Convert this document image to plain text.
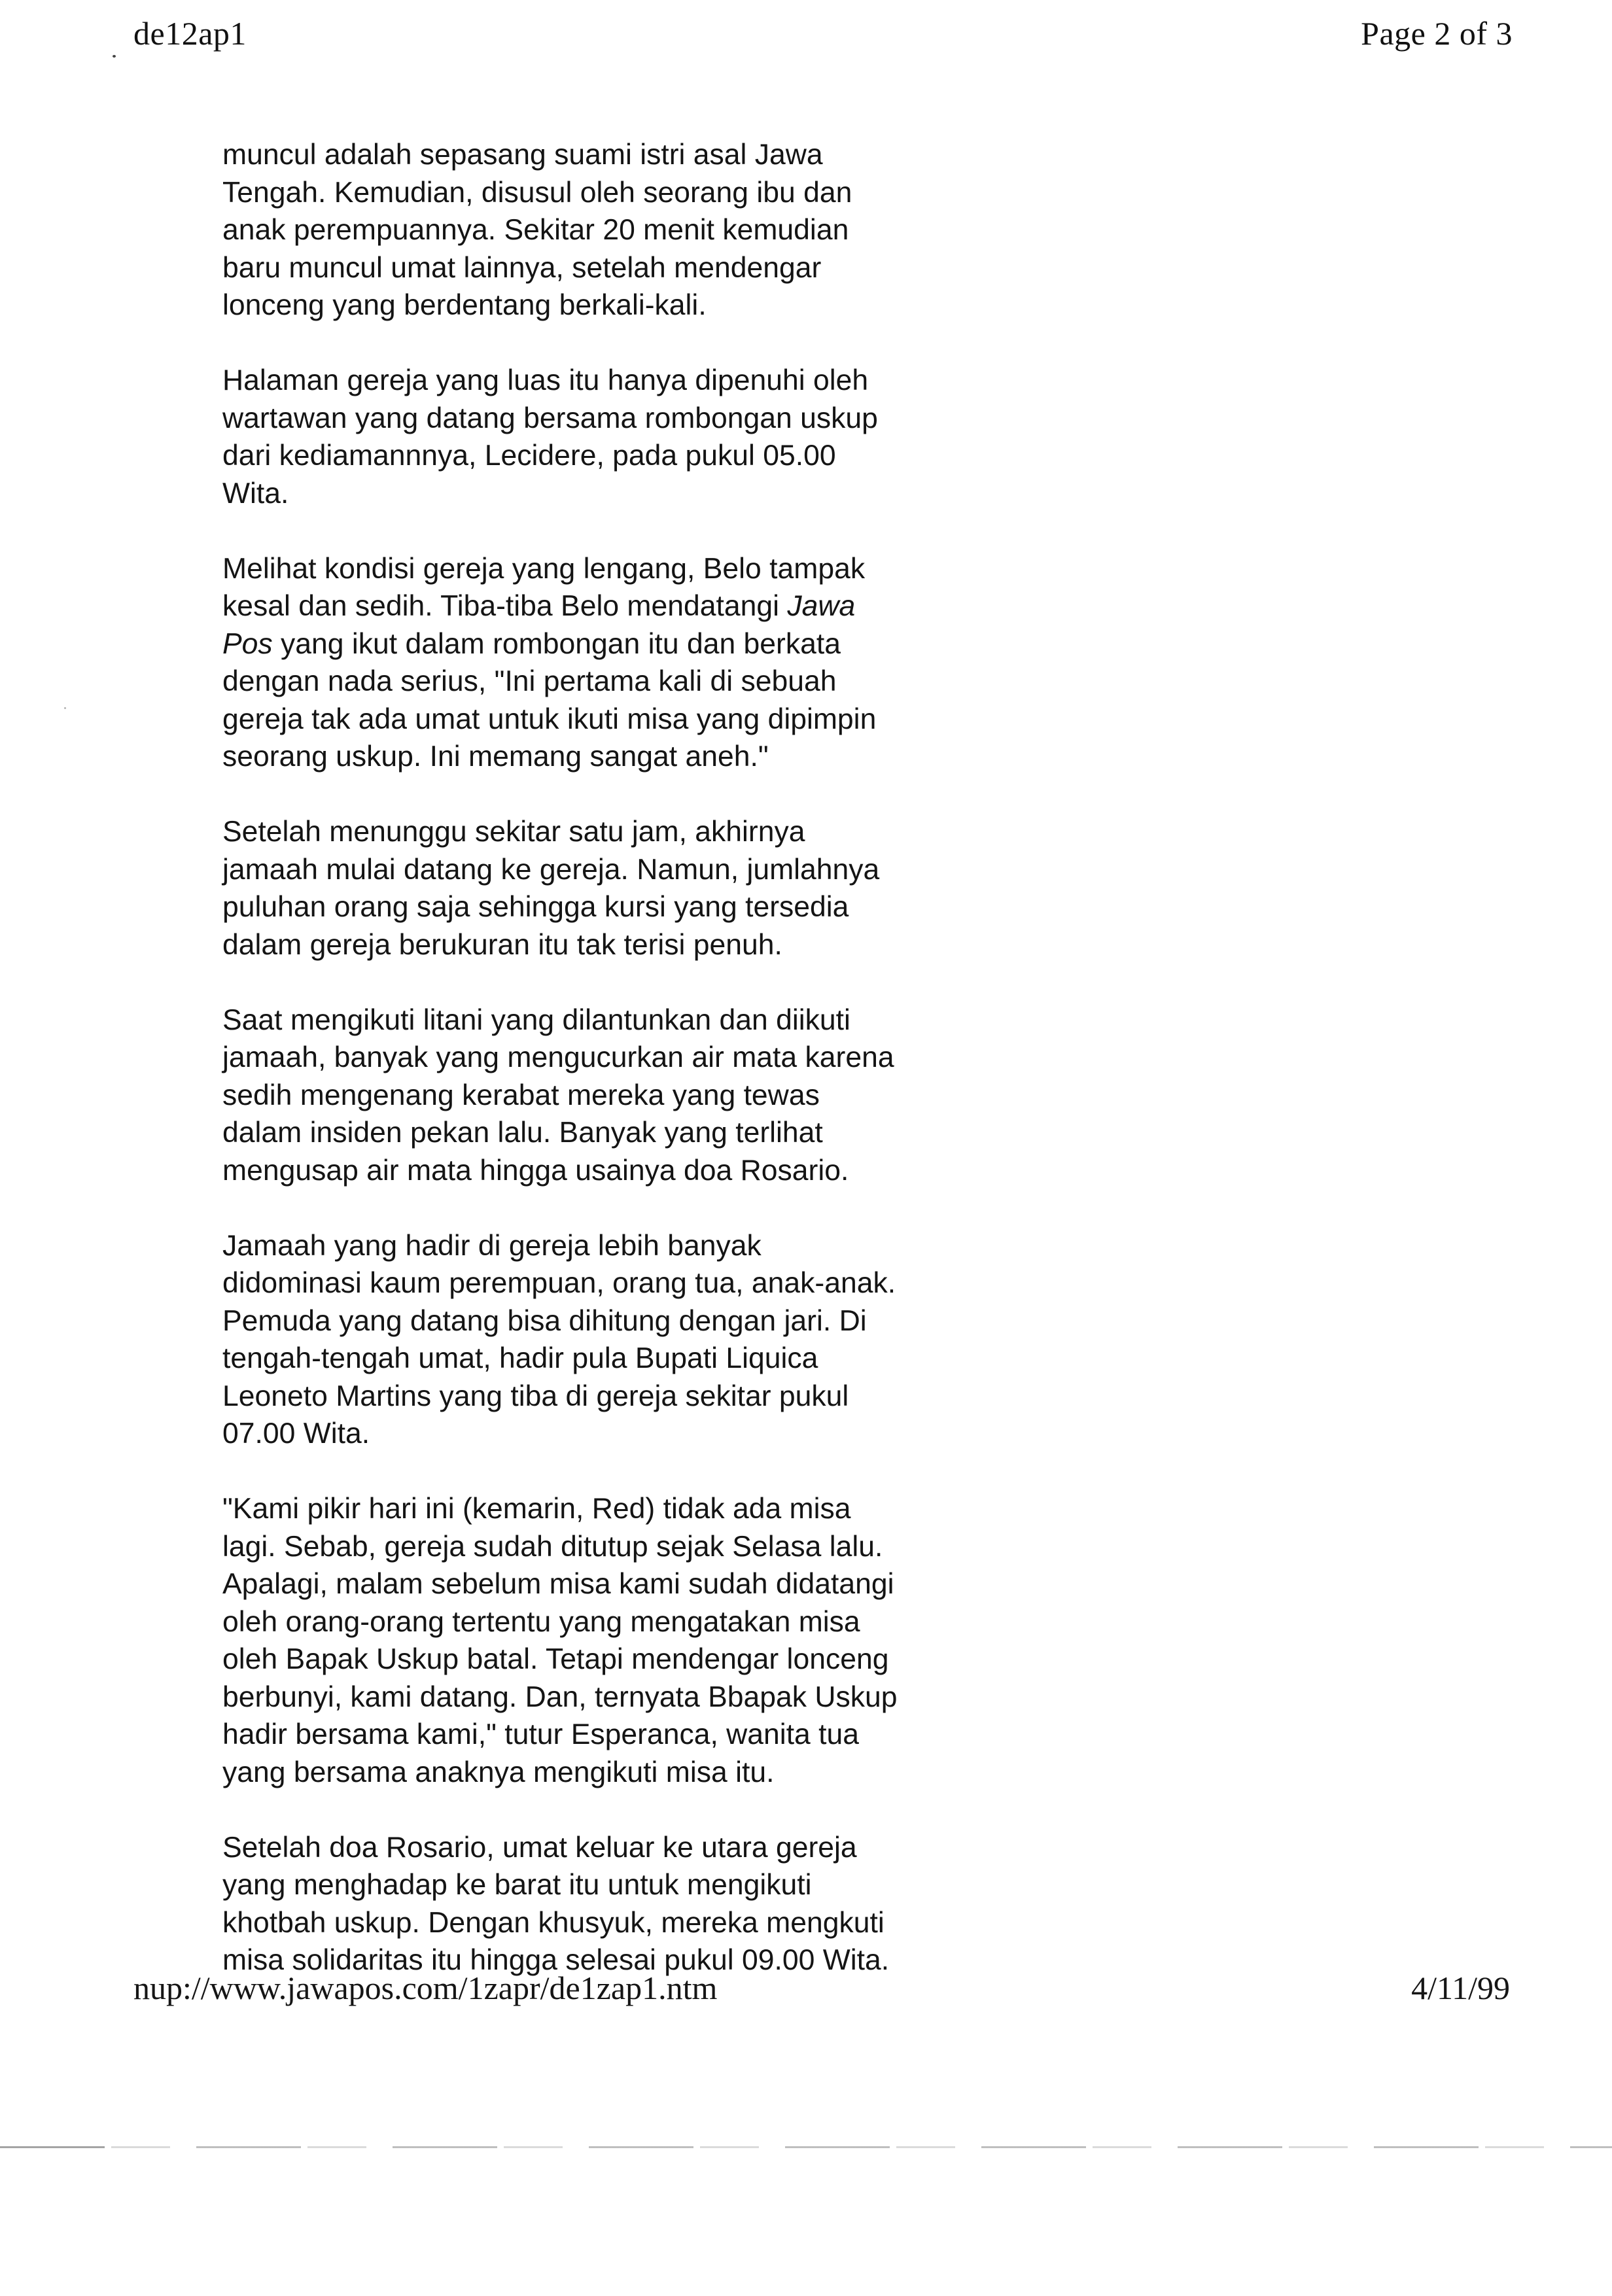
de12ap1	Page 2 of 3

muncul adalah sepasang suami istri asal Jawa
Tengah. Kemudian, disusul oleh seorang ibu dan
anak perempuannya. Sekitar 20 menit kemudian
baru muncul umat lainnya, setelah mendengar
lonceng yang berdentang berkali-kali.

Halaman gereja yang luas itu hanya dipenuhi oleh
wartawan yang datang bersama rombongan uskup
dari kediamannnya, Lecidere, pada pukul 05.00
Wita.

Melihat kondisi gereja yang lengang, Belo tampak
kesal dan sedih. Tiba-tiba Belo mendatangi Jawa
Pos yang ikut dalam rombongan itu dan berkata
dengan nada serius, "Ini pertama kali di sebuah
gereja tak ada umat untuk ikuti misa yang dipimpin
seorang uskup. Ini memang sangat aneh."

Setelah menunggu sekitar satu jam, akhirnya
jamaah mulai datang ke gereja. Namun, jumlahnya
puluhan orang saja sehingga kursi yang tersedia
dalam gereja berukuran itu tak terisi penuh.

Saat mengikuti litani yang dilantunkan dan diikuti
jamaah, banyak yang mengucurkan air mata karena
sedih mengenang kerabat mereka yang tewas
dalam insiden pekan lalu. Banyak yang terlihat
mengusap air mata hingga usainya doa Rosario.

Jamaah yang hadir di gereja lebih banyak
didominasi kaum perempuan, orang tua, anak-anak.
Pemuda yang datang bisa dihitung dengan jari. Di
tengah-tengah umat, hadir pula Bupati Liquica
Leoneto Martins yang tiba di gereja sekitar pukul
07.00 Wita.

"Kami pikir hari ini (kemarin, Red) tidak ada misa
lagi. Sebab, gereja sudah ditutup sejak Selasa lalu.
Apalagi, malam sebelum misa kami sudah didatangi
oleh orang-orang tertentu yang mengatakan misa
oleh Bapak Uskup batal. Tetapi mendengar lonceng
berbunyi, kami datang. Dan, ternyata Bbapak Uskup
hadir bersama kami," tutur Esperanca, wanita tua
yang bersama anaknya mengikuti misa itu.

Setelah doa Rosario, umat keluar ke utara gereja
yang menghadap ke barat itu untuk mengikuti
khotbah uskup. Dengan khusyuk, mereka mengkuti
misa solidaritas itu hingga selesai pukul 09.00 Wita.

nup://www.jawapos.com/1zapr/de1zap1.ntm	4/11/99
